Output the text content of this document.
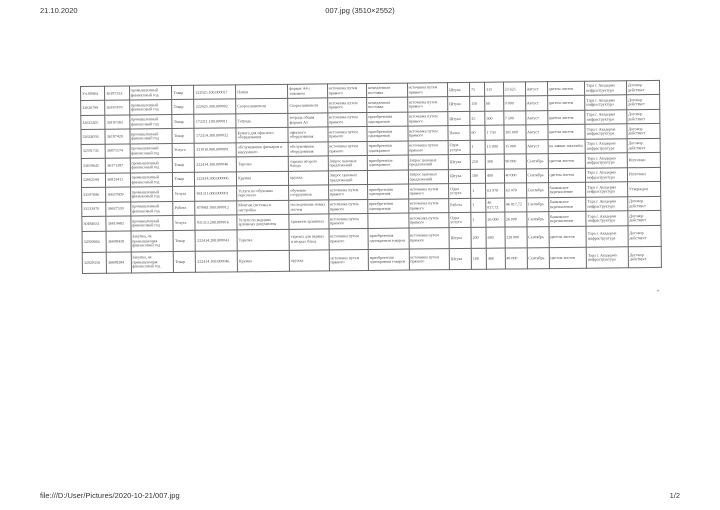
21.10.2020	007.jpg (3510×2552)
Уч.00964	36187333	промышленный финансовый год	Товар	222925.100.000027	Папки	формат А4 с зажимом	источника путем прямого	немедленная поставка	источника путем прямого	Штука	75	315	23 625	Август	цветом листов	Тара г. Акадерма инфраструктура	Договор действует
32626799	36187479	промышленный финансовый год	Товар	222925.300.000002	Скоросшиватели	Скоросшиватели	источника путем прямого	немедленная поставка	источника путем прямого	Штука	150	60	9 000	Август	цветом листов	Тара г. Акадерма инфраструктура	Договор действует
32623305	36187383	промышленный финансовый год	Товар	172311.100.000011	Тетрадь	тетрадь общая формат А5	источника путем прямого	приобретения однократная	источника путем прямого	Штука	25	300	7 500	Август	цветом листов	Тара г. Акадерма инфраструктура	Договор действует
32624058	36187429	промышленный финансовый год	Товар	172314.300.000032	Бумага для офисного оборудования	офисного оборудования	источника путем прямого	приобретения однократная	источника путем прямого	Пачка	60	1 750	105 000	Август	цветом листов	Тара г. Акадерма инфраструктура	Договор действует
32591745	36071574	промышленный финансовый год	Услуга	331910.900.000009	обслуживание фильтров и вакуумного	обслуживание оборудования	источника путем прямого	приобретение однократное	источника путем прямого	Одна услуга	1	15 000	15 000	Август	на заявки заказчика	Тара г. Акадерма инфраструктура	Договор действует
33659645	36371387	промышленный финансовый год	Товар	222414.100.000046	Тарелка	тарелка второго блюда	Запрос ценовых предложений	приобретение однократное	Запрос ценовых предложений	Штука	250	300	90 000	Сентябрь	цветом листов	Тара г. Акадерма инфраструктура	Исполнен
32602598	36813411	промышленный финансовый год	Товар	222414.300.000006	Кружка	кружка	Запрос ценовых предложений		Запрос ценовых предложений	Штука	100	400	40 000	Сентябрь	цветом листов	Тара г. Акадерма инфраструктура	Исполнен
33597696	36637609	промышленный финансовый год	Услуга	841311.000.000001	Услуги по обучению персонала	обучение сотрудников	источника путем прямого	приобретения однократная	источника путем прямого	Одна услуга	1	63 970	63 970	Сентябрь	банковское перечисление	Тара г. Акадерма инфраструктура	Утвержден
33533970	36627539	промышленный финансовый год	Работа	879961.000.000012	Монтаж системы и настройка	исследование новых систем	источника путем прямого	приобретения однократная	источника путем прямого	Работа	1	46 817,72	46 817,72	Сентябрь	банковское перечисление	Тара г. Акадерма инфраструктура	Договор действует
30484631	36619483	промышленный финансовый год	Услуга	931313.200.000016	Услуги по ведению архивных документов	хранение архивных	источника путем прямого		источника путем прямого	Одна услуга	1	26 000	26 000	Сентябрь	банковское перечисление	Тара г. Акадерма инфраструктура	Договор действует
32920664	36698438	Закупка, не превышающая финансовый год	Товар	222414.200.000043	Тарелка	тарелка для первых и вторых блюд	источника путем прямого	приобретения однократная товаров	источника путем прямого	Штука	200	640	128 000	Сентябрь	цветом листов	Тара г. Акадерма инфраструктура	Договор действует
32920358	36698384	Закупка, не превышающая финансовый год	Товар	222414.100.000046	Кружка	кружка	источника путем прямого	приобретения однократная товаров	источника путем прямого	Штука	100	480	48 000	Сентябрь	цветом листов	Тара г. Акадерма инфраструктура	Договор действует
•
file:///D:/User/Pictures/2020-10-21/007.jpg	1/2
